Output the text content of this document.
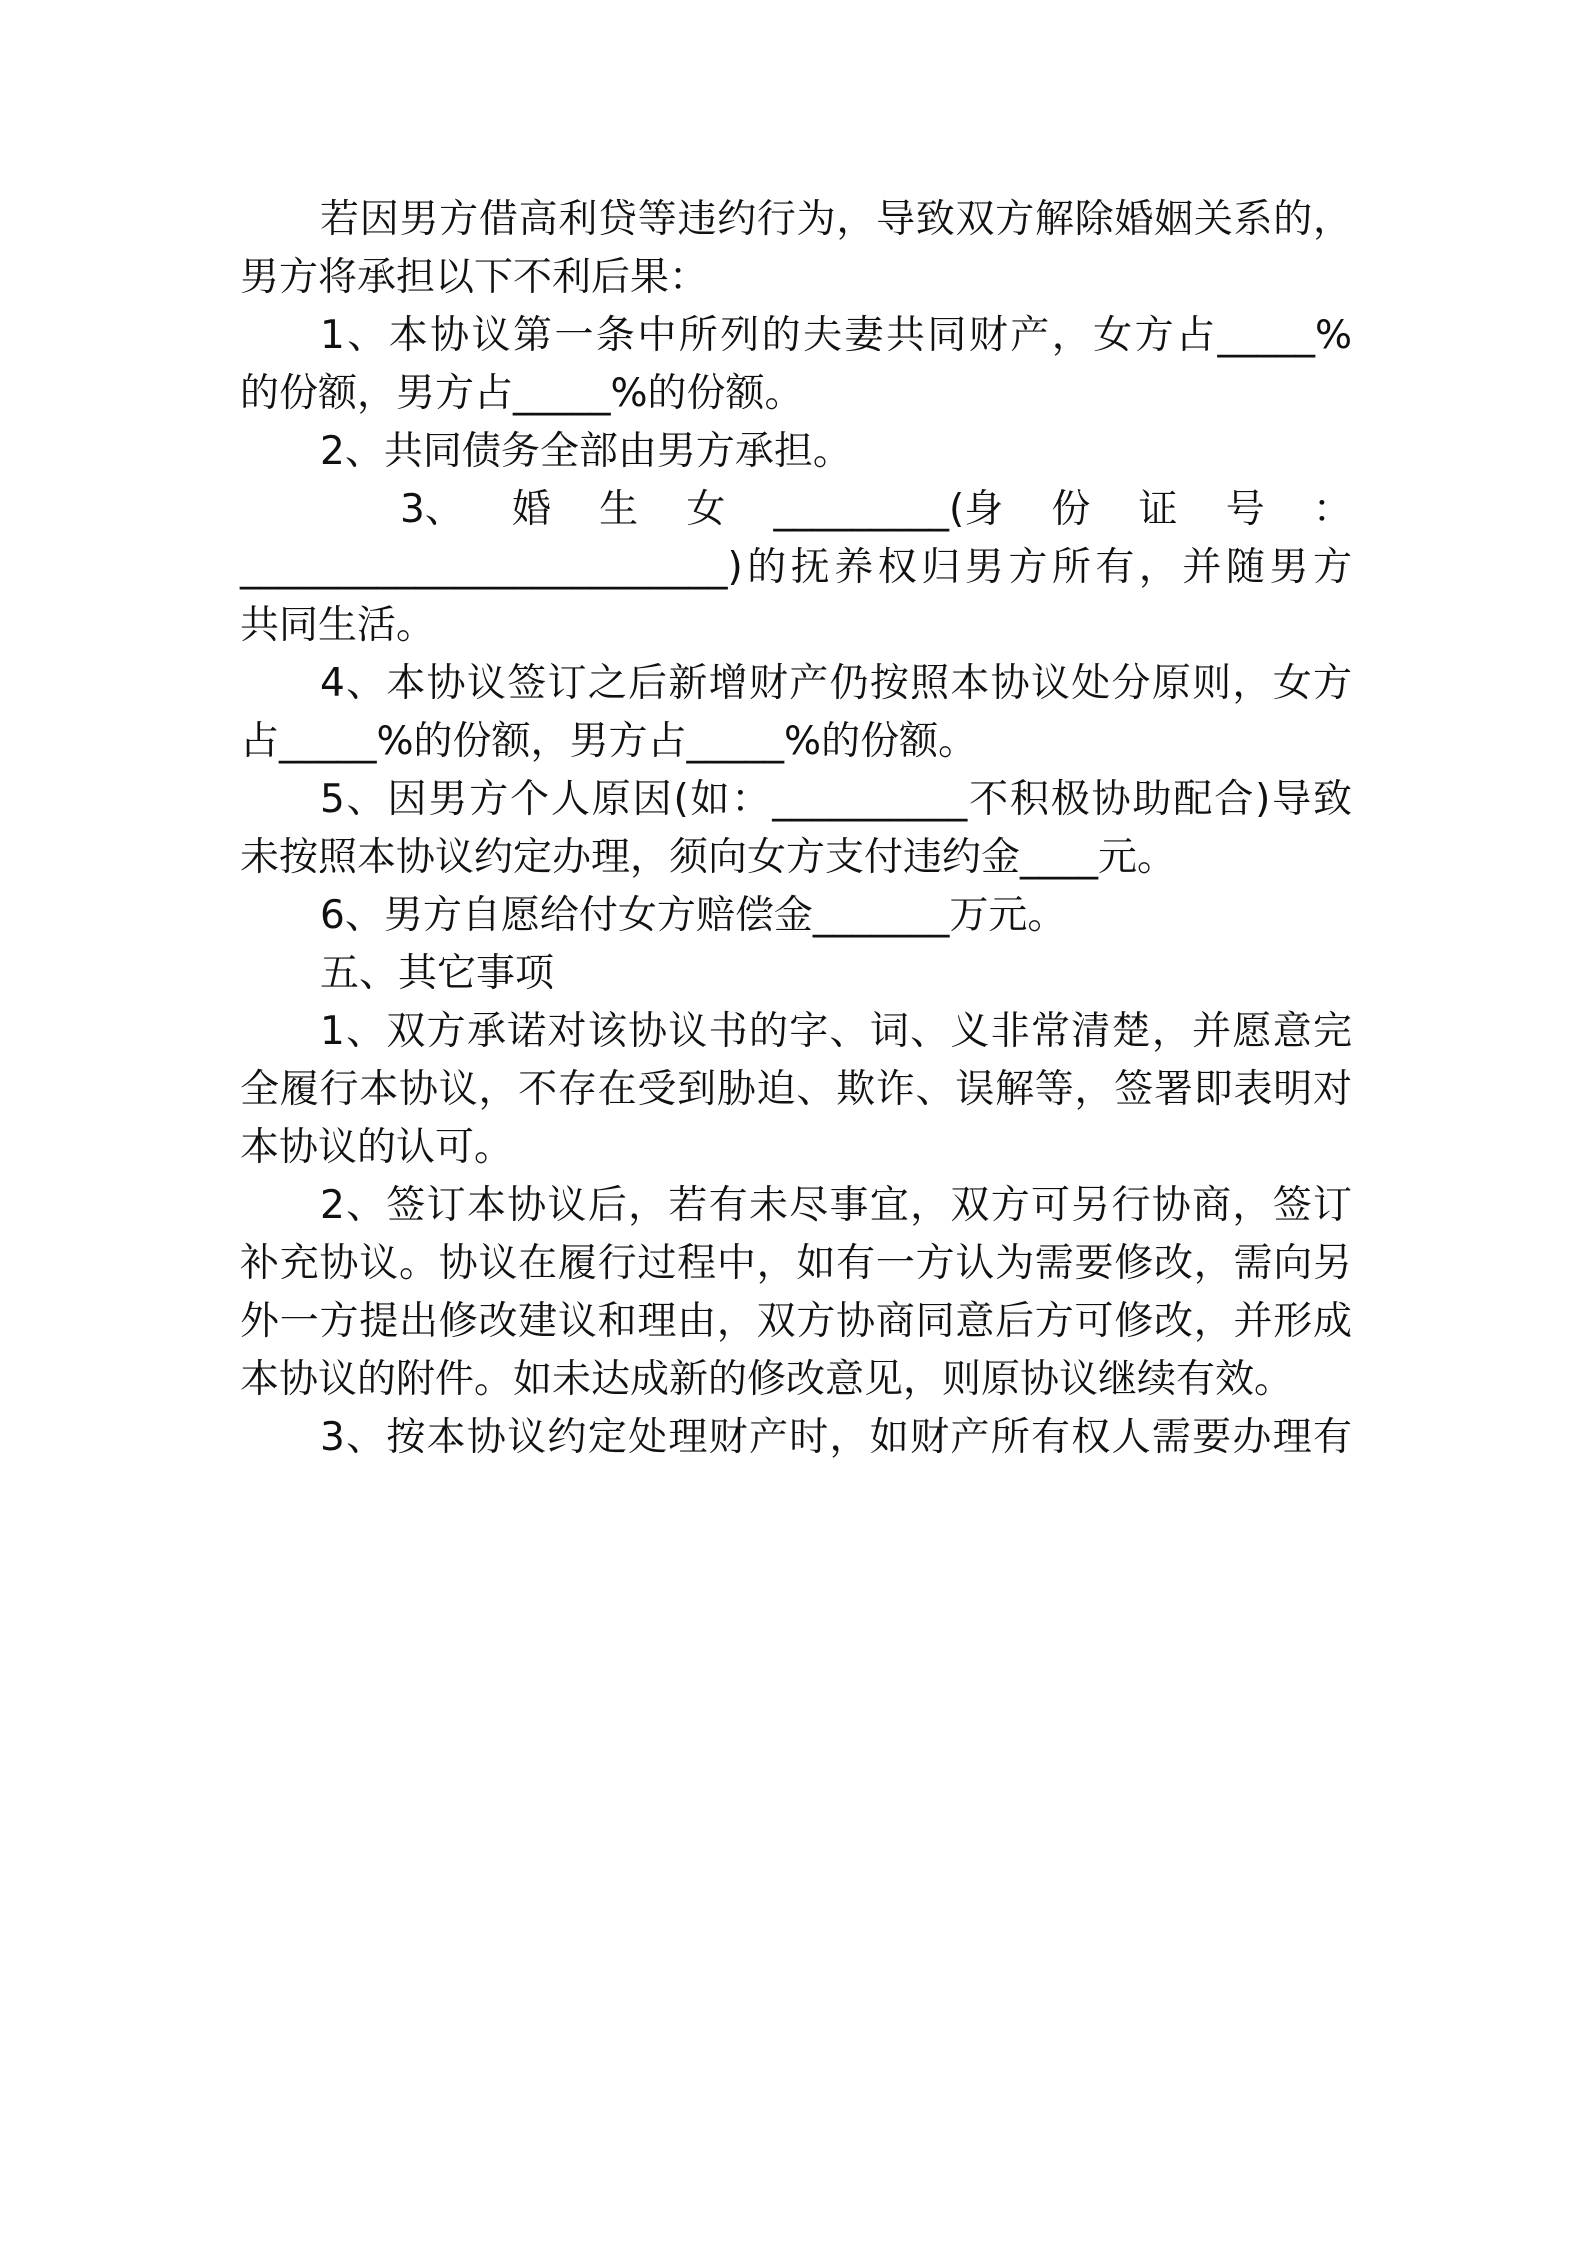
若因男方借高利贷等违约行为，导致双方解除婚姻关系的，
男方将承担以下不利后果：
1、本协议第一条中所列的夫妻共同财产，女方占_____%
的份额，男方占_____%的份额。
2、共同债务全部由男方承担。
3、 婚 生 女 _________(身 份 证 号 ：
_________________________)的抚养权归男方所有，并随男方
共同生活。
4、本协议签订之后新增财产仍按照本协议处分原则，女方
占_____%的份额，男方占_____%的份额。
5、因男方个人原因(如：__________不积极协助配合)导致
未按照本协议约定办理，须向女方支付违约金____元。
6、男方自愿给付女方赔偿金_______万元。
五、其它事项
1、双方承诺对该协议书的字、词、义非常清楚，并愿意完
全履行本协议，不存在受到胁迫、欺诈、误解等，签署即表明对
本协议的认可。
2、签订本协议后，若有未尽事宜，双方可另行协商，签订
补充协议。协议在履行过程中，如有一方认为需要修改，需向另
外一方提出修改建议和理由，双方协商同意后方可修改，并形成
本协议的附件。如未达成新的修改意见，则原协议继续有效。
3、按本协议约定处理财产时，如财产所有权人需要办理有
